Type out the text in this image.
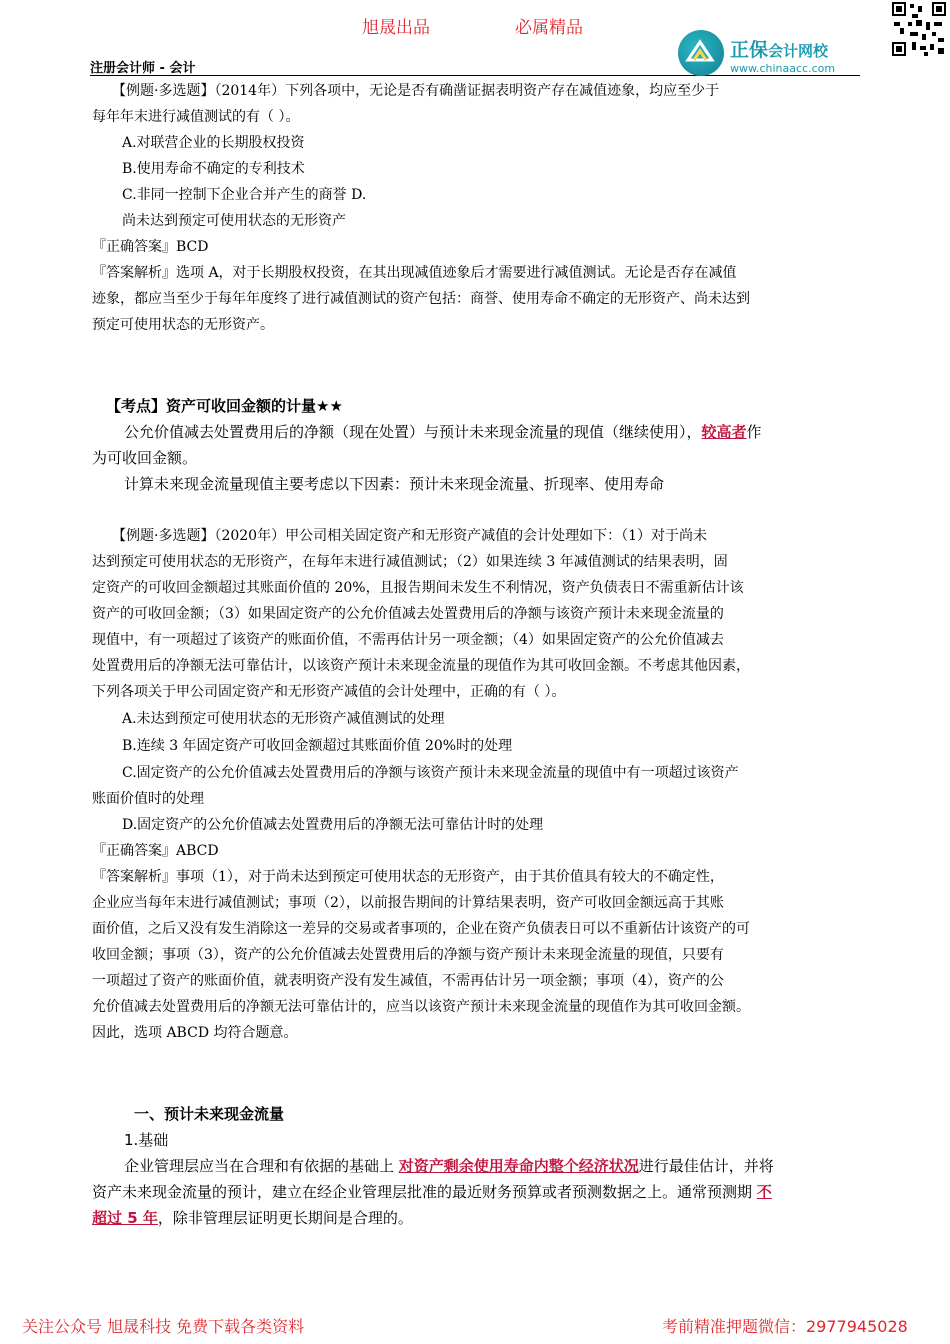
旭晟出品	必属精品
注册会计师 - 会计
正保会计网校
www.chinaacc.com
【例题·多选题】（2014年）下列各项中，无论是否有确凿证据表明资产存在减值迹象，均应至少于
每年年末进行减值测试的有（ ）。
A.对联营企业的长期股权投资
B.使用寿命不确定的专利技术
C.非同一控制下企业合并产生的商誉 D.
尚未达到预定可使用状态的无形资产
『正确答案』BCD
『答案解析』选项 A，对于长期股权投资，在其出现减值迹象后才需要进行减值测试。无论是否存在减值
迹象，都应当至少于每年年度终了进行减值测试的资产包括：商誉、使用寿命不确定的无形资产、尚未达到
预定可使用状态的无形资产。
【考点】资产可收回金额的计量★★
公允价值减去处置费用后的净额（现在处置）与预计未来现金流量的现值（继续使用），较高者作
为可收回金额。
计算未来现金流量现值主要考虑以下因素：预计未来现金流量、折现率、使用寿命
【例题·多选题】（2020年）甲公司相关固定资产和无形资产减值的会计处理如下：（1）对于尚未
达到预定可使用状态的无形资产，在每年末进行减值测试；（2）如果连续 3 年减值测试的结果表明，固
定资产的可收回金额超过其账面价值的 20%，且报告期间未发生不利情况，资产负债表日不需重新估计该
资产的可收回金额；（3）如果固定资产的公允价值减去处置费用后的净额与该资产预计未来现金流量的
现值中，有一项超过了该资产的账面价值，不需再估计另一项金额；（4）如果固定资产的公允价值减去
处置费用后的净额无法可靠估计，以该资产预计未来现金流量的现值作为其可收回金额。不考虑其他因素，
下列各项关于甲公司固定资产和无形资产减值的会计处理中，正确的有（ ）。
A.未达到预定可使用状态的无形资产减值测试的处理
B.连续 3 年固定资产可收回金额超过其账面价值 20%时的处理
C.固定资产的公允价值减去处置费用后的净额与该资产预计未来现金流量的现值中有一项超过该资产
账面价值时的处理
D.固定资产的公允价值减去处置费用后的净额无法可靠估计时的处理
『正确答案』ABCD
『答案解析』事项（1），对于尚未达到预定可使用状态的无形资产，由于其价值具有较大的不确定性，
企业应当每年末进行减值测试；事项（2），以前报告期间的计算结果表明，资产可收回金额远高于其账
面价值，之后又没有发生消除这一差异的交易或者事项的，企业在资产负债表日可以不重新估计该资产的可
收回金额；事项（3），资产的公允价值减去处置费用后的净额与资产预计未来现金流量的现值，只要有
一项超过了资产的账面价值，就表明资产没有发生减值，不需再估计另一项金额；事项（4），资产的公
允价值减去处置费用后的净额无法可靠估计的，应当以该资产预计未来现金流量的现值作为其可收回金额。
因此，选项 ABCD 均符合题意。
一、预计未来现金流量
1.基础
企业管理层应当在合理和有依据的基础上 对资产剩余使用寿命内整个经济状况进行最佳估计，并将
资产未来现金流量的预计，建立在经企业管理层批准的最近财务预算或者预测数据之上。通常预测期 不
超过 5 年，除非管理层证明更长期间是合理的。
关注公众号 旭晟科技 免费下载各类资料	考前精准押题微信：2977945028
